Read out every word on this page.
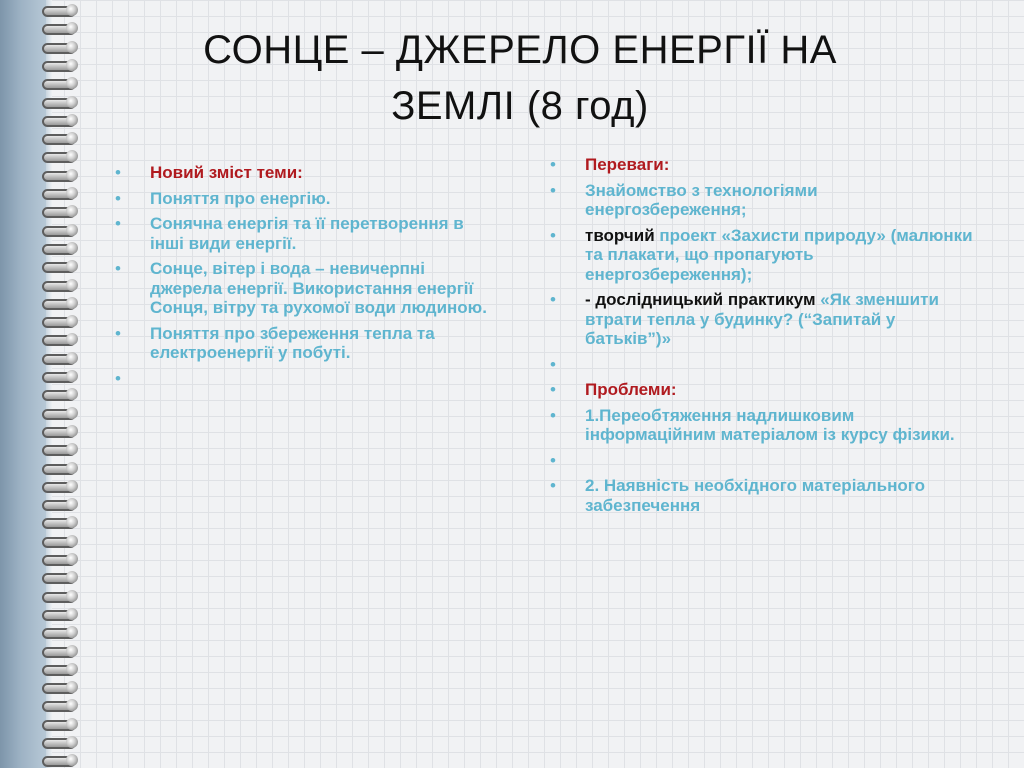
СОНЦЕ – ДЖЕРЕЛО ЕНЕРГІЇ НА
ЗЕМЛІ (8 год)
• Новий зміст теми:
• Поняття про енергію.
• Сонячна енергія та її перетворення в інші види енергії.
• Сонце, вітер і вода – невичерпні джерела енергії. Використання енергії Сонця, вітру та рухомої води людиною.
• Поняття про збереження тепла та електроенергії у побуті.
•
• Переваги:
• Знайомство з технологіями енергозбереження;
• творчий проект «Захисти природу» (малюнки та плакати, що пропагують енергозбереження);
• - дослідницький практикум «Як зменшити втрати тепла у будинку? (“Запитай у батьків”)»
•
• Проблеми:
• 1.Переобтяження надлишковим інформаційним матеріалом із курсу фізики.
•
• 2. Наявність необхідного матеріального забезпечення
